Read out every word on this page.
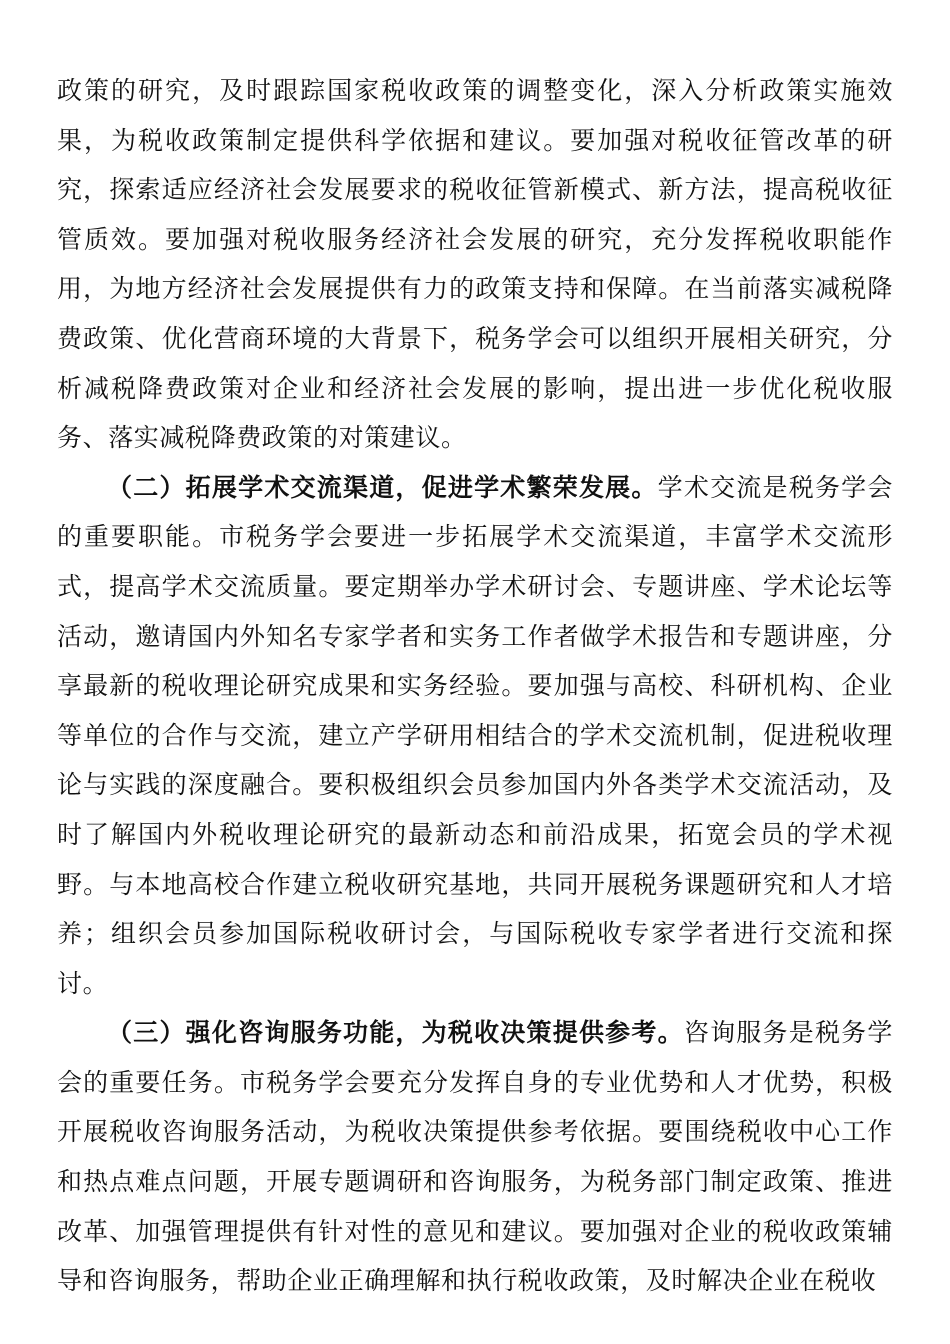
政策的研究，及时跟踪国家税收政策的调整变化，深入分析政策实施效果，为税收政策制定提供科学依据和建议。要加强对税收征管改革的研究，探索适应经济社会发展要求的税收征管新模式、新方法，提高税收征管质效。要加强对税收服务经济社会发展的研究，充分发挥税收职能作用，为地方经济社会发展提供有力的政策支持和保障。在当前落实减税降费政策、优化营商环境的大背景下，税务学会可以组织开展相关研究，分析减税降费政策对企业和经济社会发展的影响，提出进一步优化税收服务、落实减税降费政策的对策建议。

（二）拓展学术交流渠道，促进学术繁荣发展。学术交流是税务学会的重要职能。市税务学会要进一步拓展学术交流渠道，丰富学术交流形式，提高学术交流质量。要定期举办学术研讨会、专题讲座、学术论坛等活动，邀请国内外知名专家学者和实务工作者做学术报告和专题讲座，分享最新的税收理论研究成果和实务经验。要加强与高校、科研机构、企业等单位的合作与交流，建立产学研用相结合的学术交流机制，促进税收理论与实践的深度融合。要积极组织会员参加国内外各类学术交流活动，及时了解国内外税收理论研究的最新动态和前沿成果，拓宽会员的学术视野。与本地高校合作建立税收研究基地，共同开展税务课题研究和人才培养；组织会员参加国际税收研讨会，与国际税收专家学者进行交流和探讨。

（三）强化咨询服务功能，为税收决策提供参考。咨询服务是税务学会的重要任务。市税务学会要充分发挥自身的专业优势和人才优势，积极开展税收咨询服务活动，为税收决策提供参考依据。要围绕税收中心工作和热点难点问题，开展专题调研和咨询服务，为税务部门制定政策、推进改革、加强管理提供有针对性的意见和建议。要加强对企业的税收政策辅导和咨询服务，帮助企业正确理解和执行税收政策，及时解决企业在税收
